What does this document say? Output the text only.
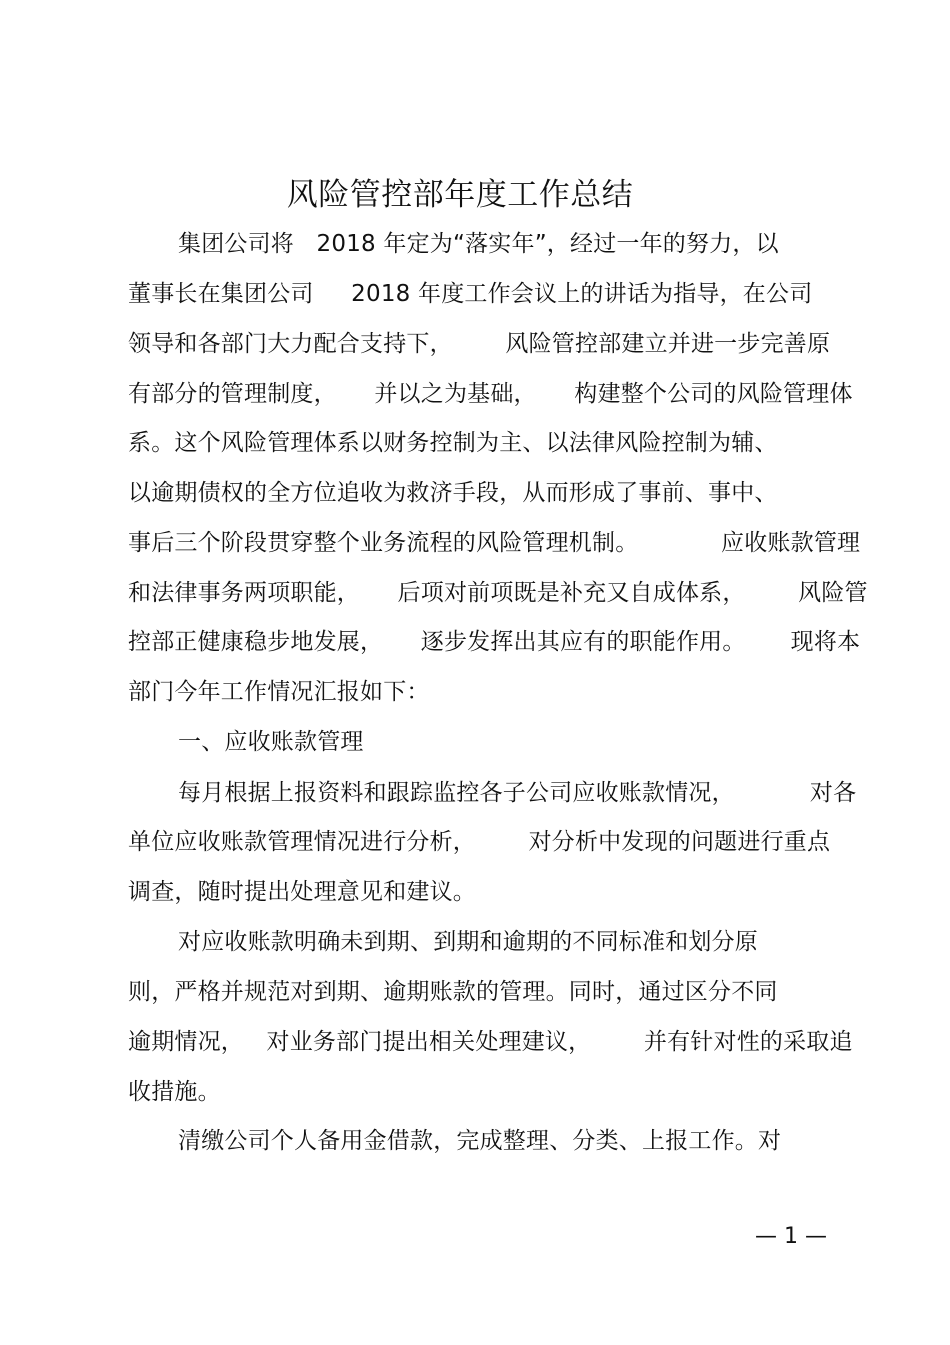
风险管控部年度工作总结
集团公司将   2018 年定为“落实年”，经过一年的努力，以
董事长在集团公司     2018 年度工作会议上的讲话为指导，在公司
领导和各部门大力配合支持下，       风险管控部建立并进一步完善原
有部分的管理制度，     并以之为基础，     构建整个公司的风险管理体
系。这个风险管理体系以财务控制为主、以法律风险控制为辅、
以逾期债权的全方位追收为救济手段，从而形成了事前、事中、
事后三个阶段贯穿整个业务流程的风险管理机制。           应收账款管理
和法律事务两项职能，     后项对前项既是补充又自成体系，       风险管
控部正健康稳步地发展，     逐步发挥出其应有的职能作用。      现将本
部门今年工作情况汇报如下：
一、应收账款管理
每月根据上报资料和跟踪监控各子公司应收账款情况，          对各
单位应收账款管理情况进行分析，       对分析中发现的问题进行重点
调查，随时提出处理意见和建议。
对应收账款明确未到期、到期和逾期的不同标准和划分原
则，严格并规范对到期、逾期账款的管理。同时，通过区分不同
逾期情况，   对业务部门提出相关处理建议，       并有针对性的采取追
收措施。
清缴公司个人备用金借款，完成整理、分类、上报工作。对
— 1 —
